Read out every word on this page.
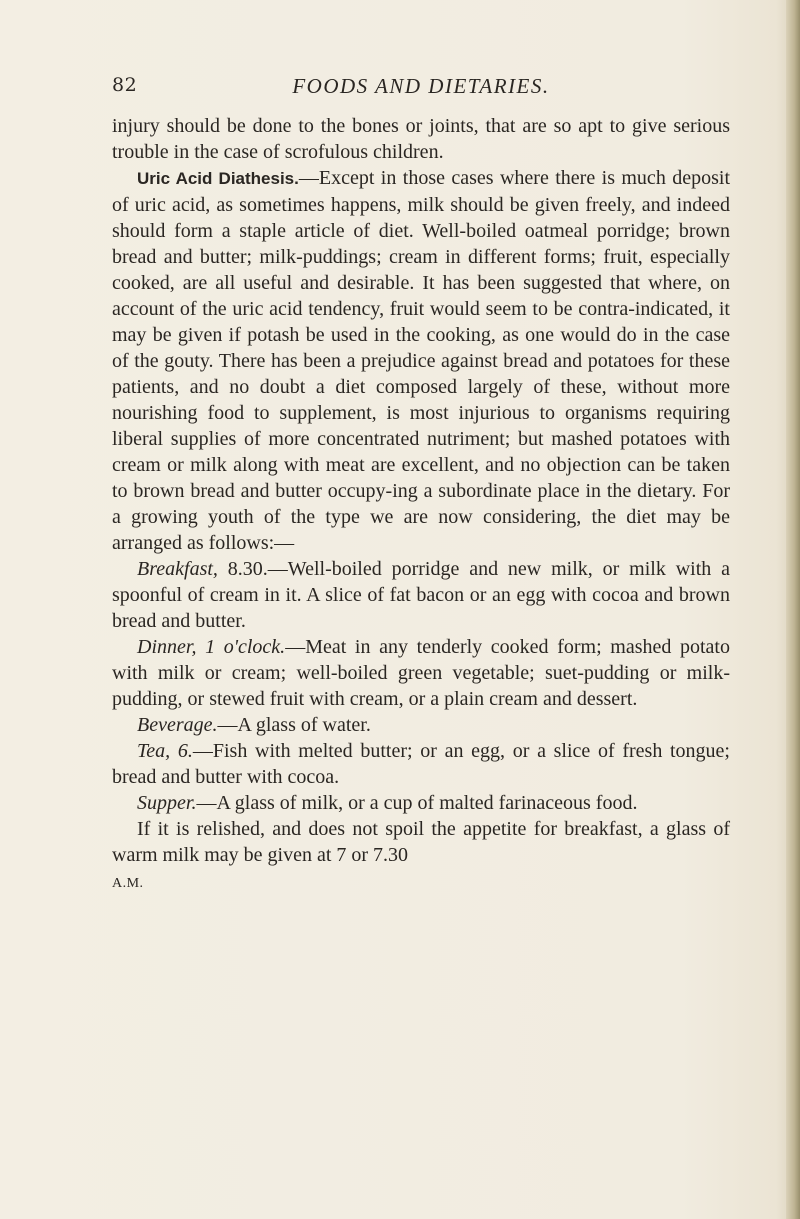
82	FOODS AND DIETARIES.

injury should be done to the bones or joints, that are so apt to give serious trouble in the case of scrofulous children.

Uric Acid Diathesis.—Except in those cases where there is much deposit of uric acid, as sometimes happens, milk should be given freely, and indeed should form a staple article of diet. Well-boiled oatmeal porridge; brown bread and butter; milk-puddings; cream in different forms; fruit, especially cooked, are all useful and desirable. It has been suggested that where, on account of the uric acid tendency, fruit would seem to be contra-indicated, it may be given if potash be used in the cooking, as one would do in the case of the gouty. There has been a prejudice against bread and potatoes for these patients, and no doubt a diet composed largely of these, without more nourishing food to supplement, is most injurious to organisms requiring liberal supplies of more concentrated nutriment; but mashed potatoes with cream or milk along with meat are excellent, and no objection can be taken to brown bread and butter occupy-ing a subordinate place in the dietary. For a growing youth of the type we are now considering, the diet may be arranged as follows:—

Breakfast, 8.30.—Well-boiled porridge and new milk, or milk with a spoonful of cream in it. A slice of fat bacon or an egg with cocoa and brown bread and butter.

Dinner, 1 o'clock.—Meat in any tenderly cooked form; mashed potato with milk or cream; well-boiled green vegetable; suet-pudding or milk-pudding, or stewed fruit with cream, or a plain cream and dessert.

Beverage.—A glass of water.

Tea, 6.—Fish with melted butter; or an egg, or a slice of fresh tongue; bread and butter with cocoa.

Supper.—A glass of milk, or a cup of malted farinaceous food.

If it is relished, and does not spoil the appetite for breakfast, a glass of warm milk may be given at 7 or 7.30
A.M.
